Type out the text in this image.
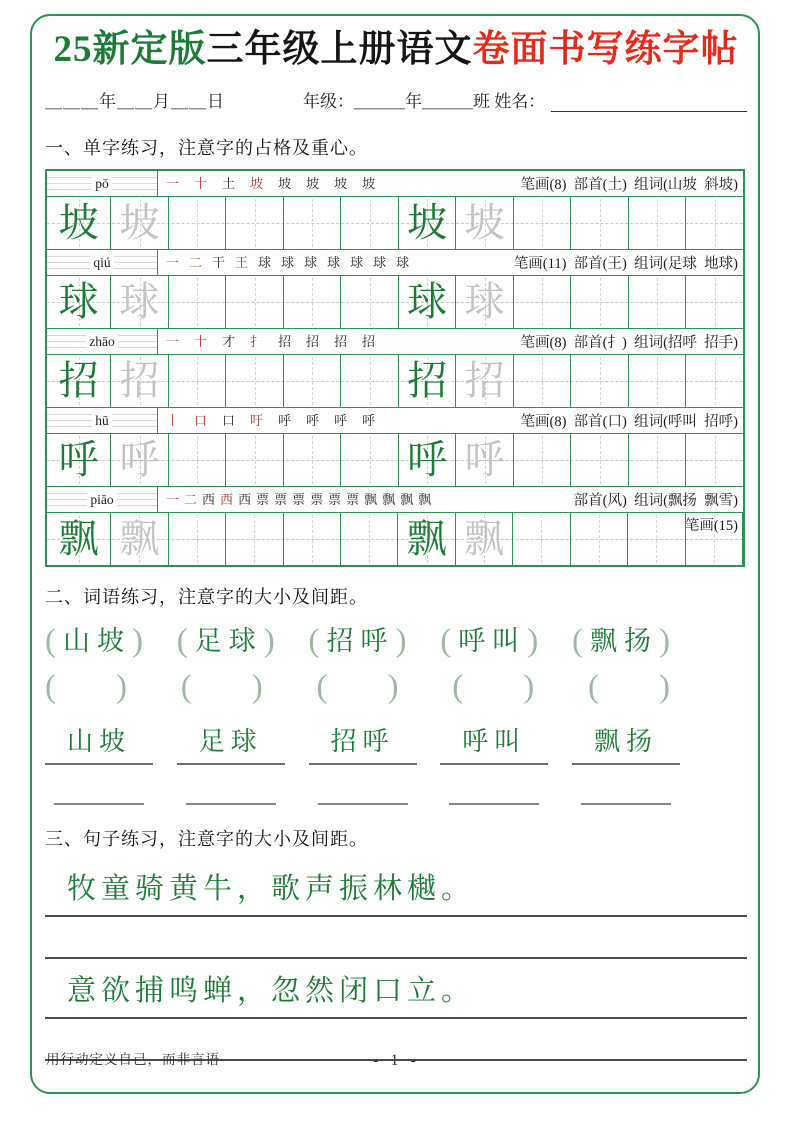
25新定版三年级上册语文卷面书写练字帖
＿＿＿年＿＿月＿＿日	年级：＿＿＿年＿＿＿班 姓名：
一、单字练习，注意字的占格及重心。
pō	一 十 土 坡 坡 坡 坡 坡	笔画(8)  部首(土)  组词(山坡  斜坡)
坡 坡	坡 坡
qiú	一 二 干 王 球 球 球 球 球 球 球	笔画(11)  部首(王)  组词(足球  地球)
球 球	球 球
zhāo	一 十 才 扌 招 招 招 招	笔画(8)  部首(扌)  组词(招呼  招手)
招 招	招 招
hū	丨 口 口 吁 呼 呼 呼 呼	笔画(8)  部首(口)  组词(呼叫  招呼)
呼 呼	呼 呼
piāo	一 二 西 西 西 票 票 票 票 票 票 飘 飘 飘 飘	部首(风)  组词(飘扬  飘雪)
飘 飘	飘 飘	笔画(15)
二、词语练习，注意字的大小及间距。
( 山坡 ) ( 足球 ) ( 招呼 ) ( 呼叫 ) ( 飘扬 )
(
) (
) (
) (
) (
)
山坡	足球	招呼	呼叫	飘扬
三、句子练习，注意字的大小及间距。
牧童骑黄牛，歌声振林樾。
意欲捕鸣蝉，忽然闭口立。
用行动定义自己，而非言语	- 1 -
